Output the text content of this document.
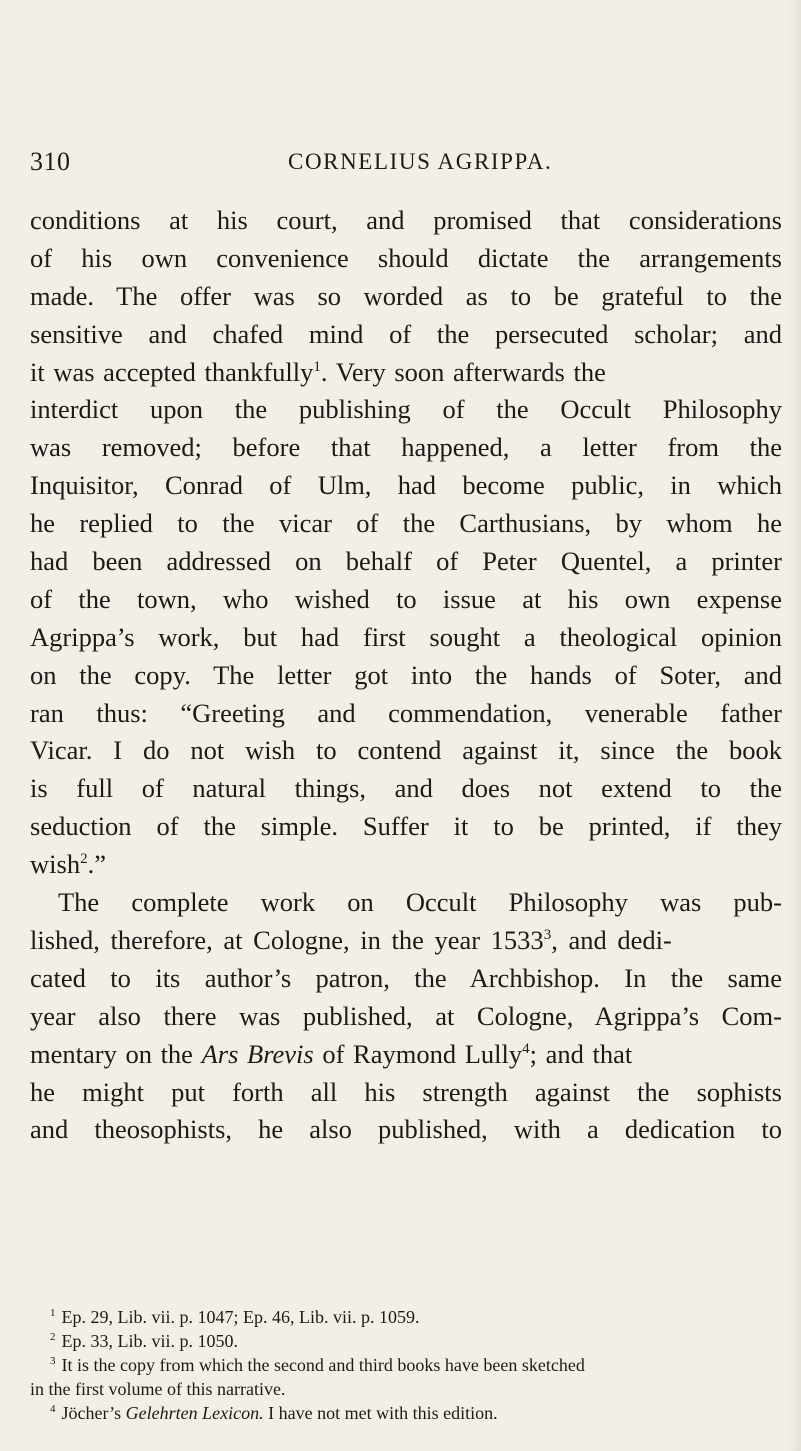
310	CORNELIUS AGRIPPA.
conditions at his court, and promised that considerations
of his own convenience should dictate the arrangements
made. The offer was so worded as to be grateful to the
sensitive and chafed mind of the persecuted scholar; and
it was accepted thankfully$^1$. Very soon afterwards the
interdict upon the publishing of the Occult Philosophy
was removed; before that happened, a letter from the
Inquisitor, Conrad of Ulm, had become public, in which
he replied to the vicar of the Carthusians, by whom he
had been addressed on behalf of Peter Quentel, a printer
of the town, who wished to issue at his own expense
Agrippa’s work, but had first sought a theological opinion
on the copy. The letter got into the hands of Soter, and
ran thus: “Greeting and commendation, venerable father
Vicar. I do not wish to contend against it, since the book
is full of natural things, and does not extend to the
seduction of the simple. Suffer it to be printed, if they
wish$^2$.”
The complete work on Occult Philosophy was pub-
lished, therefore, at Cologne, in the year 1533$^3$, and dedi-
cated to its author’s patron, the Archbishop. In the same
year also there was published, at Cologne, Agrippa’s Com-
mentary on the Ars Brevis of Raymond Lully$^4$; and that
he might put forth all his strength against the sophists
and theosophists, he also published, with a dedication to
$^1$ Ep. 29, Lib. vii. p. 1047; Ep. 46, Lib. vii. p. 1059.
$^2$ Ep. 33, Lib. vii. p. 1050.
$^3$ It is the copy from which the second and third books have been sketched
in the first volume of this narrative.
$^4$ Jöcher’s Gelehrten Lexicon. I have not met with this edition.
